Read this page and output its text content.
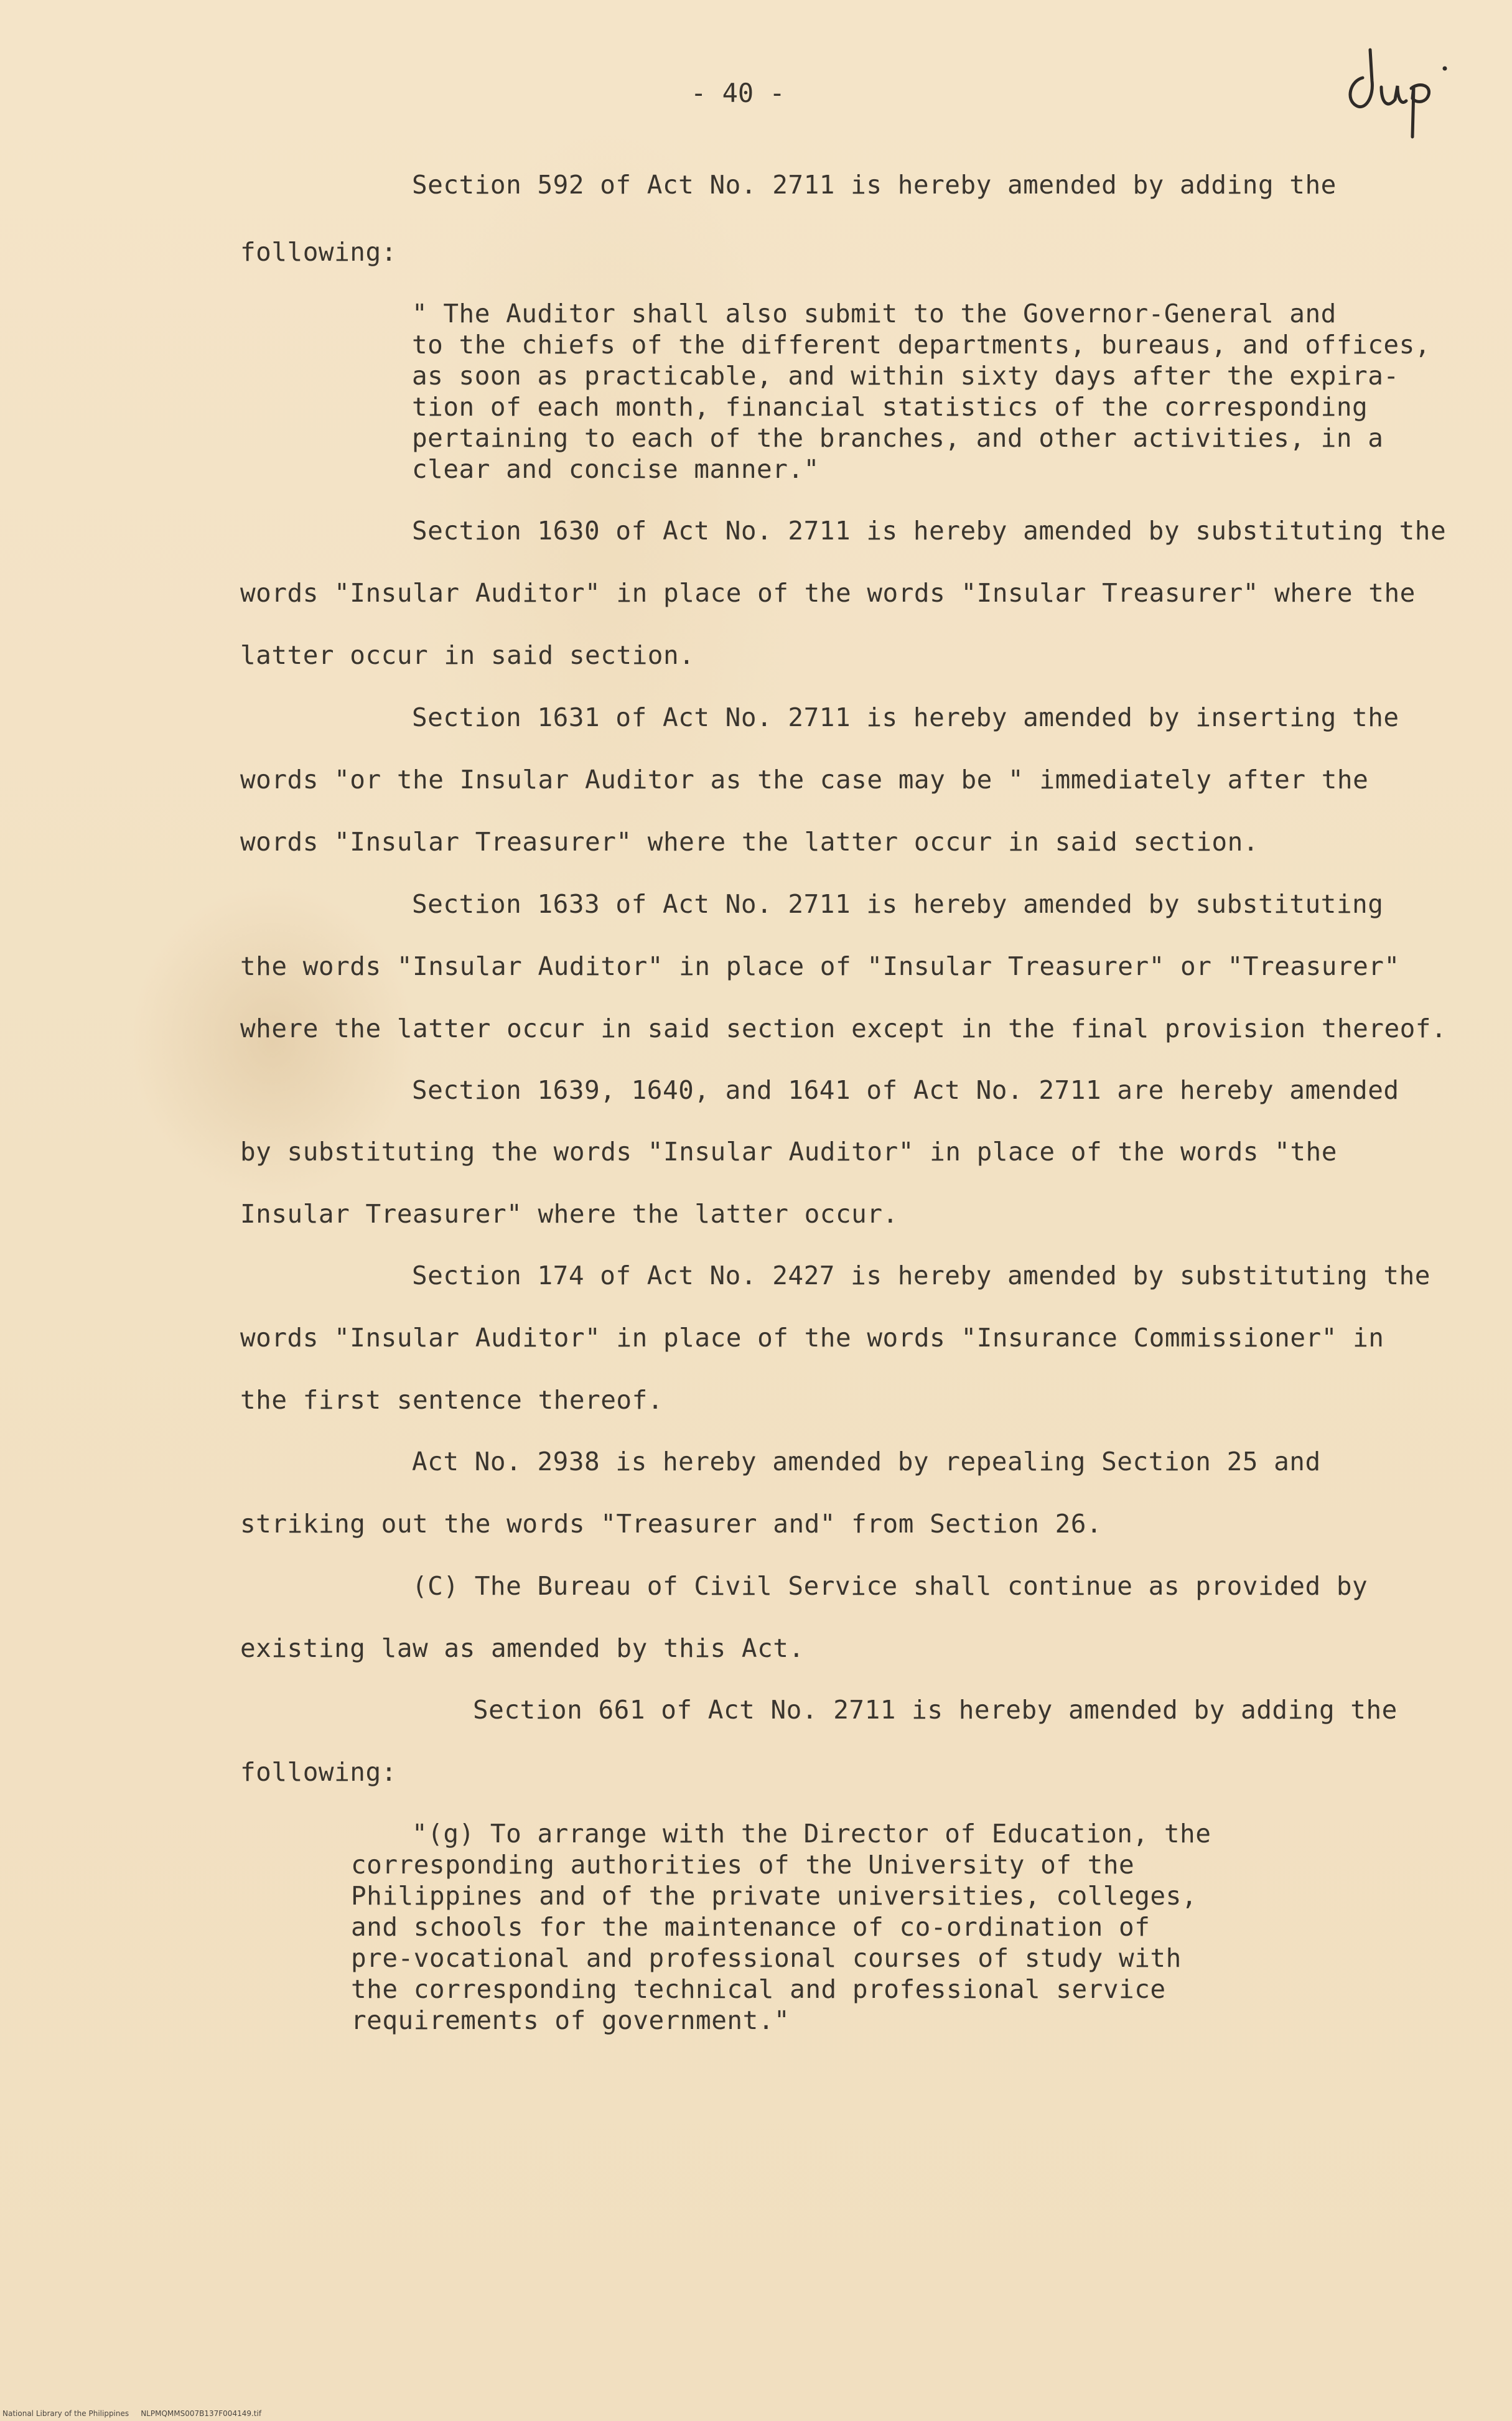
- 40 -
Section 592 of Act No. 2711 is hereby amended by adding the
following:
" The Auditor shall also submit to the Governor-General and
to the chiefs of the different departments, bureaus, and offices,
as soon as practicable, and within sixty days after the expira-
tion of each month, financial statistics of the corresponding
pertaining to each of the branches, and other activities, in a
clear and concise manner."
Section 1630 of Act No. 2711 is hereby amended by substituting the
words "Insular Auditor" in place of the words "Insular Treasurer" where the
latter occur in said section.
Section 1631 of Act No. 2711 is hereby amended by inserting the
words "or the Insular Auditor as the case may be " immediately after the
words "Insular Treasurer" where the latter occur in said section.
Section 1633 of Act No. 2711 is hereby amended by substituting
the words "Insular Auditor" in place of "Insular Treasurer" or "Treasurer"
where the latter occur in said section except in the final provision thereof.
Section 1639, 1640, and 1641 of Act No. 2711 are hereby amended
by substituting the words "Insular Auditor" in place of the words "the
Insular Treasurer" where the latter occur.
Section 174 of Act No. 2427 is hereby amended by substituting the
words "Insular Auditor" in place of the words "Insurance Commissioner" in
the first sentence thereof.
Act No. 2938 is hereby amended by repealing Section 25 and
striking out the words "Treasurer and" from Section 26.
(C) The Bureau of Civil Service shall continue as provided by
existing law as amended by this Act.
Section 661 of Act No. 2711 is hereby amended by adding the
following:
"(g) To arrange with the Director of Education, the
corresponding authorities of the University of the
Philippines and of the private universities, colleges,
and schools for the maintenance of co-ordination of
pre-vocational and professional courses of study with
the corresponding technical and professional service
requirements of government."
National Library of the Philippines     NLPMQMMS007B137F004149.tif
